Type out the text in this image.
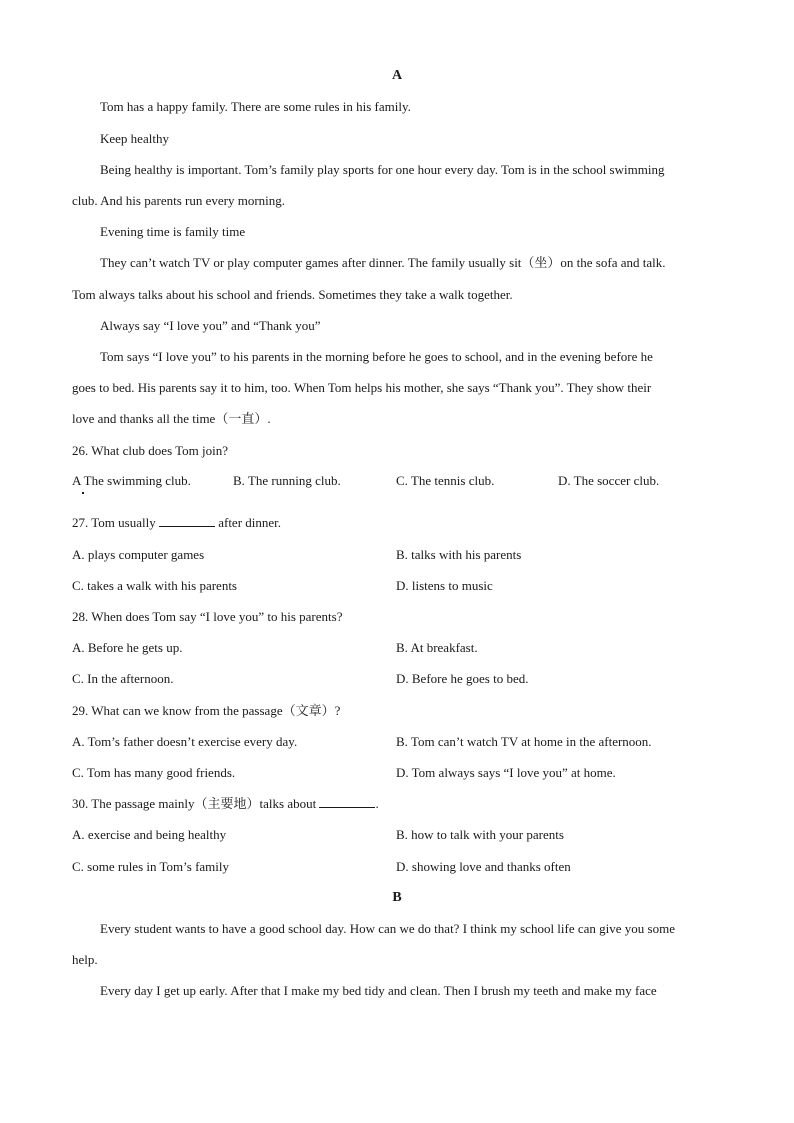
A
Tom has a happy family. There are some rules in his family.
Keep healthy
Being healthy is important. Tom’s family play sports for one hour every day. Tom is in the school swimming
club. And his parents run every morning.
Evening time is family time
They can’t watch TV or play computer games after dinner. The family usually sit（坐）on the sofa and talk.
Tom always talks about his school and friends. Sometimes they take a walk together.
Always say “I love you” and “Thank you”
Tom says “I love you” to his parents in the morning before he goes to school, and in the evening before he
goes to bed. His parents say it to him, too. When Tom helps his mother, she says “Thank you”. They show their
love and thanks all the time（一直）.
26. What club does Tom join?
A The swimming club.	B. The running club.	C. The tennis club.	D. The soccer club.
27. Tom usually	after dinner.
A. plays computer games	B. talks with his parents
C. takes a walk with his parents	D. listens to music
28. When does Tom say “I love you” to his parents?
A. Before he gets up.	B. At breakfast.
C. In the afternoon.	D. Before he goes to bed.
29. What can we know from the passage（文章）?
A. Tom’s father doesn’t exercise every day.	B. Tom can’t watch TV at home in the afternoon.
C. Tom has many good friends.	D. Tom always says “I love you” at home.
30. The passage mainly（主要地）talks about	.
A. exercise and being healthy	B. how to talk with your parents
C. some rules in Tom’s family	D. showing love and thanks often
B
Every student wants to have a good school day. How can we do that? I think my school life can give you some
help.
Every day I get up early. After that I make my bed tidy and clean. Then I brush my teeth and make my face
